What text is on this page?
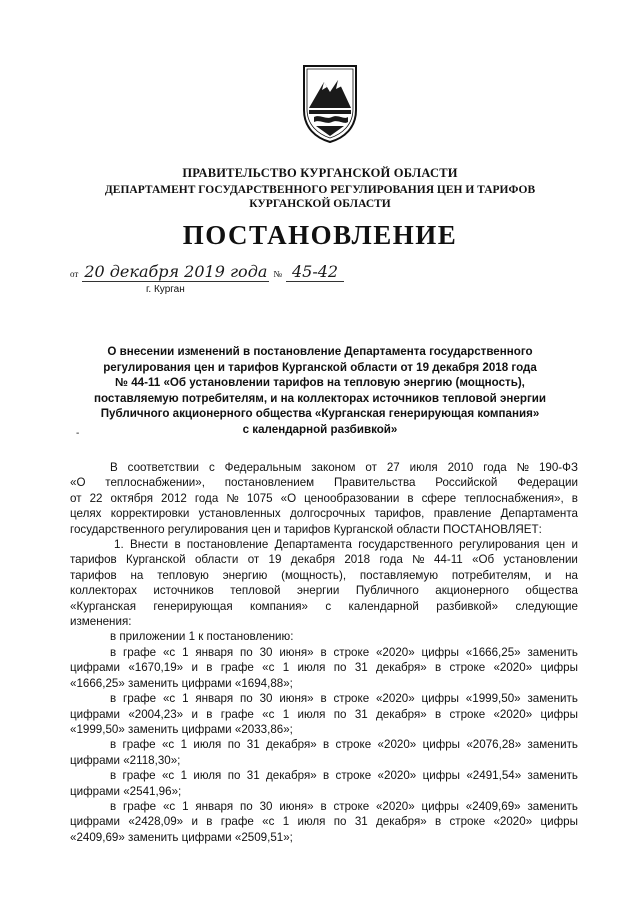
ПРАВИТЕЛЬСТВО КУРГАНСКОЙ ОБЛАСТИ
ДЕПАРТАМЕНТ ГОСУДАРСТВЕННОГО РЕГУЛИРОВАНИЯ ЦЕН И ТАРИФОВ
КУРГАНСКОЙ ОБЛАСТИ
ПОСТАНОВЛЕНИЕ
от 20 декабря 2019 года № 45-42
г. Курган
О внесении изменений в постановление Департамента государственного
регулирования цен и тарифов Курганской области от 19 декабря 2018 года
№ 44-11 «Об установлении тарифов на тепловую энергию (мощность),
поставляемую потребителям, и на коллекторах источников тепловой энергии
Публичного акционерного общества «Курганская генерирующая компания»
с календарной разбивкой»
-
В соответствии с Федеральным законом от 27 июля 2010 года № 190-ФЗ
«О теплоснабжении», постановлением Правительства Российской Федерации
от 22 октября 2012 года № 1075 «О ценообразовании в сфере теплоснабжения», в
целях корректировки установленных долгосрочных тарифов, правление Департамента
государственного регулирования цен и тарифов Курганской области ПОСТАНОВЛЯЕТ:
1. Внести в постановление Департамента государственного регулирования цен и
тарифов Курганской области от 19 декабря 2018 года № 44-11 «Об установлении
тарифов на тепловую энергию (мощность), поставляемую потребителям, и на
коллекторах источников тепловой энергии Публичного акционерного общества
«Курганская генерирующая компания» с календарной разбивкой» следующие
изменения:
в приложении 1 к постановлению:
в графе «с 1 января по 30 июня» в строке «2020» цифры «1666,25» заменить
цифрами «1670,19» и в графе «с 1 июля по 31 декабря» в строке «2020» цифры
«1666,25» заменить цифрами «1694,88»;
в графе «с 1 января по 30 июня» в строке «2020» цифры «1999,50» заменить
цифрами «2004,23» и в графе «с 1 июля по 31 декабря» в строке «2020» цифры
«1999,50» заменить цифрами «2033,86»;
в графе «с 1 июля по 31 декабря» в строке «2020» цифры «2076,28» заменить
цифрами «2118,30»;
в графе «с 1 июля по 31 декабря» в строке «2020» цифры «2491,54» заменить
цифрами «2541,96»;
в графе «с 1 января по 30 июня» в строке «2020» цифры «2409,69» заменить
цифрами «2428,09» и в графе «с 1 июля по 31 декабря» в строке «2020» цифры
«2409,69» заменить цифрами «2509,51»;
